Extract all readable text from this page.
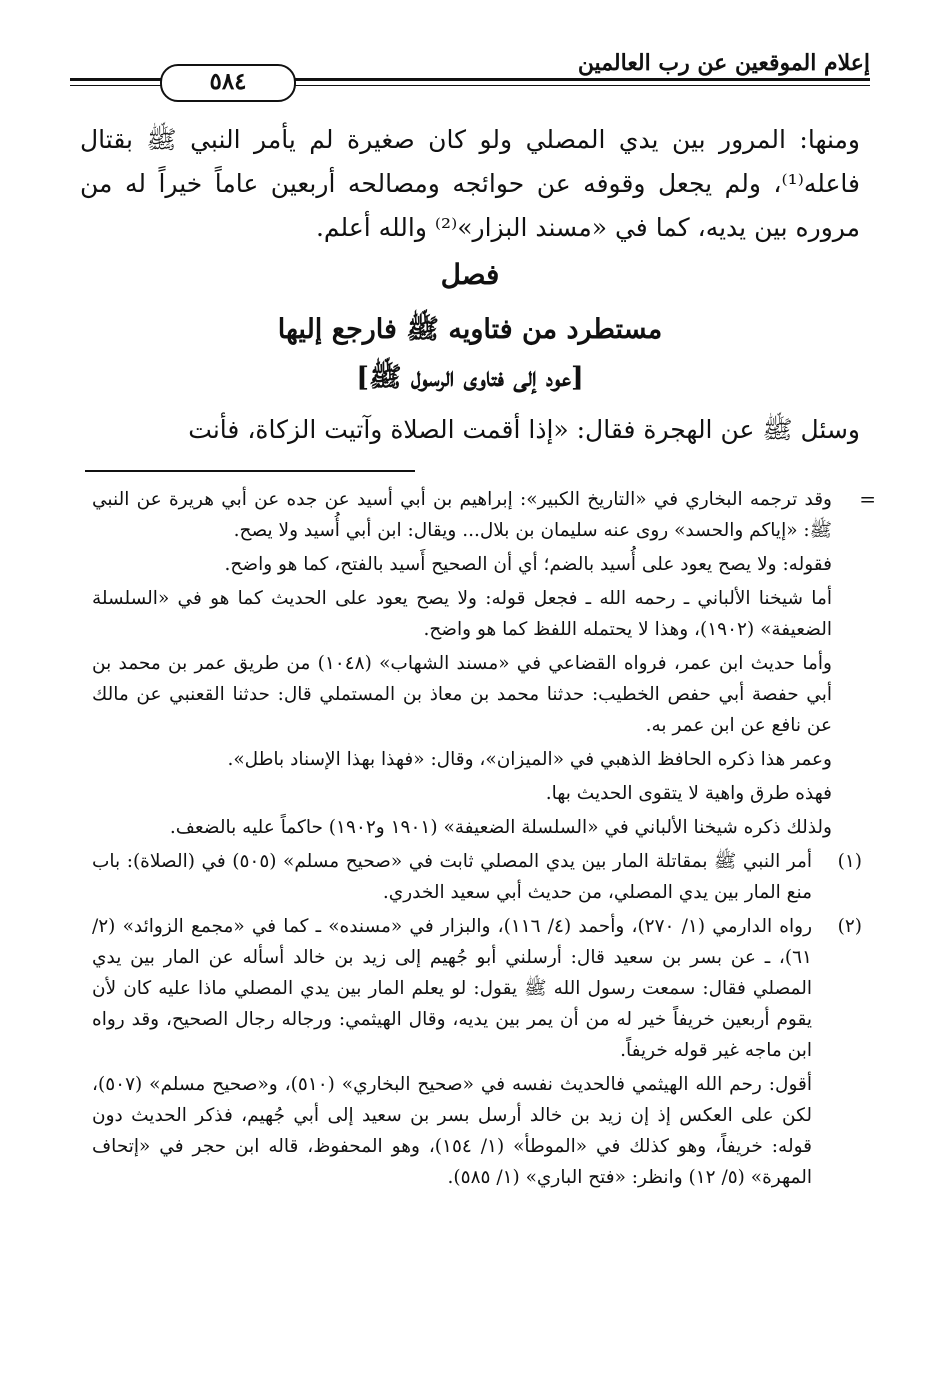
إعلام الموقعين عن رب العالمين
٥٨٤

ومنها: المرور بين يدي المصلي ولو كان صغيرة لم يأمر النبي ﷺ بقتال فاعله⁽¹⁾، ولم يجعل وقوفه عن حوائجه ومصالحه أربعين عاماً خيراً له من مروره بين يديه، كما في «مسند البزار»⁽²⁾ والله أعلم.

فصل
مستطرد من فتاويه ﷺ فارجع إليها
[عود إلى فتاوى الرسول ﷺ]
وسئل ﷺ عن الهجرة فقال: «إذا أقمت الصلاة وآتيت الزكاة، فأنت
=

وقد ترجمه البخاري في «التاريخ الكبير»: إبراهيم بن أبي أسيد عن جده عن أبي هريرة عن النبي ﷺ: «إياكم والحسد» روى عنه سليمان بن بلال... ويقال: ابن أبي أُسيد ولا يصح.

فقوله: ولا يصح يعود على أُسيد بالضم؛ أي أن الصحيح أَسيد بالفتح، كما هو واضح.

أما شيخنا الألباني ـ رحمه الله ـ فجعل قوله: ولا يصح يعود على الحديث كما هو في «السلسلة الضعيفة» (١٩٠٢)، وهذا لا يحتمله اللفظ كما هو واضح.

وأما حديث ابن عمر، فرواه القضاعي في «مسند الشهاب» (١٠٤٨) من طريق عمر بن محمد بن أبي حفصة أبي حفص الخطيب: حدثنا محمد بن معاذ بن المستملي قال: حدثنا القعنبي عن مالك عن نافع عن ابن عمر به.

وعمر هذا ذكره الحافظ الذهبي في «الميزان»، وقال: «فهذا بهذا الإسناد باطل».

فهذه طرق واهية لا يتقوى الحديث بها.

ولذلك ذكره شيخنا الألباني في «السلسلة الضعيفة» (١٩٠١ و١٩٠٢) حاكماً عليه بالضعف.

(١)
أمر النبي ﷺ بمقاتلة المار بين يدي المصلي ثابت في «صحيح مسلم» (٥٠٥) في (الصلاة): باب منع المار بين يدي المصلي، من حديث أبي سعيد الخدري.
(٢)
رواه الدارمي (١/ ٢٧٠)، وأحمد (٤/ ١١٦)، والبزار في «مسنده» ـ كما في «مجمع الزوائد» (٢/ ٦١)، ـ عن بسر بن سعيد قال: أرسلني أبو جُهيم إلى زيد بن خالد أسأله عن المار بين يدي المصلي فقال: سمعت رسول الله ﷺ يقول: لو يعلم المار بين يدي المصلي ماذا عليه كان لأن يقوم أربعين خريفاً خير له من أن يمر بين يديه، وقال الهيثمي: ورجاله رجال الصحيح، وقد رواه ابن ماجه غير قوله خريفاً.

أقول: رحم الله الهيثمي فالحديث نفسه في «صحيح البخاري» (٥١٠)، و«صحيح مسلم» (٥٠٧)، لكن على العكس إذ إن زيد بن خالد أرسل بسر بن سعيد إلى أبي جُهيم، فذكر الحديث دون قوله: خريفاً، وهو كذلك في «الموطأ» (١/ ١٥٤)، وهو المحفوظ، قاله ابن حجر في «إتحاف المهرة» (٥/ ١٢) وانظر: «فتح الباري» (١/ ٥٨٥).
